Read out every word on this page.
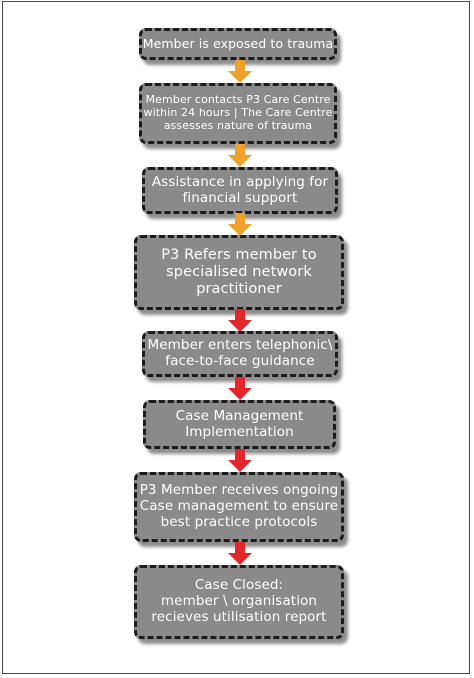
Member is exposed to trauma
Member contacts P3 Care Centre
within 24 hours | The Care Centre
assesses nature of trauma
Assistance in applying for
financial support
P3 Refers member to
specialised network
practitioner
Member enters telephonic\
face-to-face guidance
Case Management
Implementation
P3 Member receives ongoing
Case management to ensure
best practice protocols
Case Closed:
member \ organisation
recieves utilisation report
